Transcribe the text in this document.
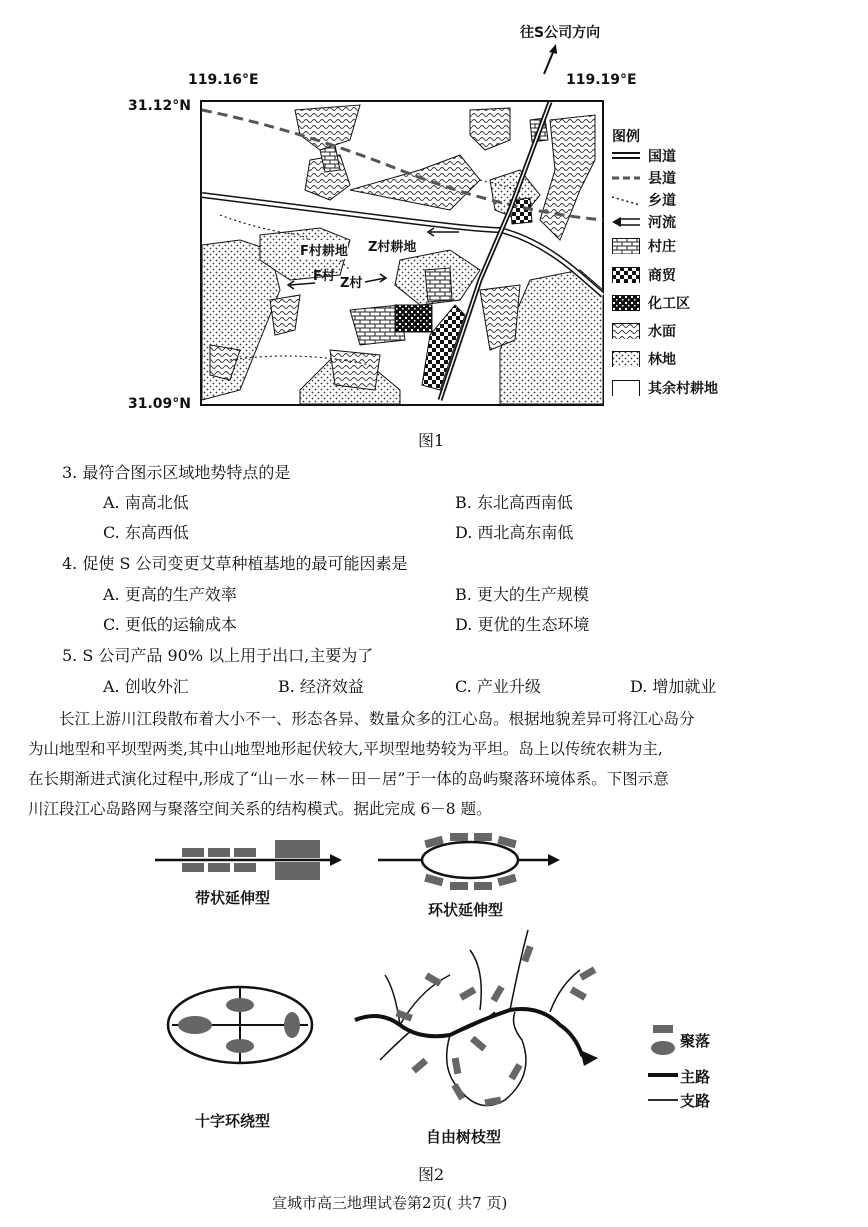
往S公司方向
119.16°E	119.19°E
31.12°N
31.09°N
F村耕地 Z村耕地
F村 Z村
图例
国道
县道
乡道
河流
村庄
商贸
化工区
水面
林地
其余村耕地
图1
3. 最符合图示区域地势特点的是
A. 南高北低	B. 东北高西南低
C. 东高西低	D. 西北高东南低
4. 促使 S 公司变更艾草种植基地的最可能因素是
A. 更高的生产效率	B. 更大的生产规模
C. 更低的运输成本	D. 更优的生态环境
5. S 公司产品 90% 以上用于出口,主要为了
A. 创收外汇	B. 经济效益	C. 产业升级	D. 增加就业
长江上游川江段散布着大小不一、形态各异、数量众多的江心岛。根据地貌差异可将江心岛分
为山地型和平坝型两类,其中山地型地形起伏较大,平坝型地势较为平坦。岛上以传统农耕为主,
在长期渐进式演化过程中,形成了“山－水－林－田－居”于一体的岛屿聚落环境体系。下图示意
川江段江心岛路网与聚落空间关系的结构模式。据此完成 6－8 题。
带状延伸型
环状延伸型
十字环绕型
自由树枝型
聚落
主路
支路
图2
宣城市高三地理试卷第2页( 共7 页)
